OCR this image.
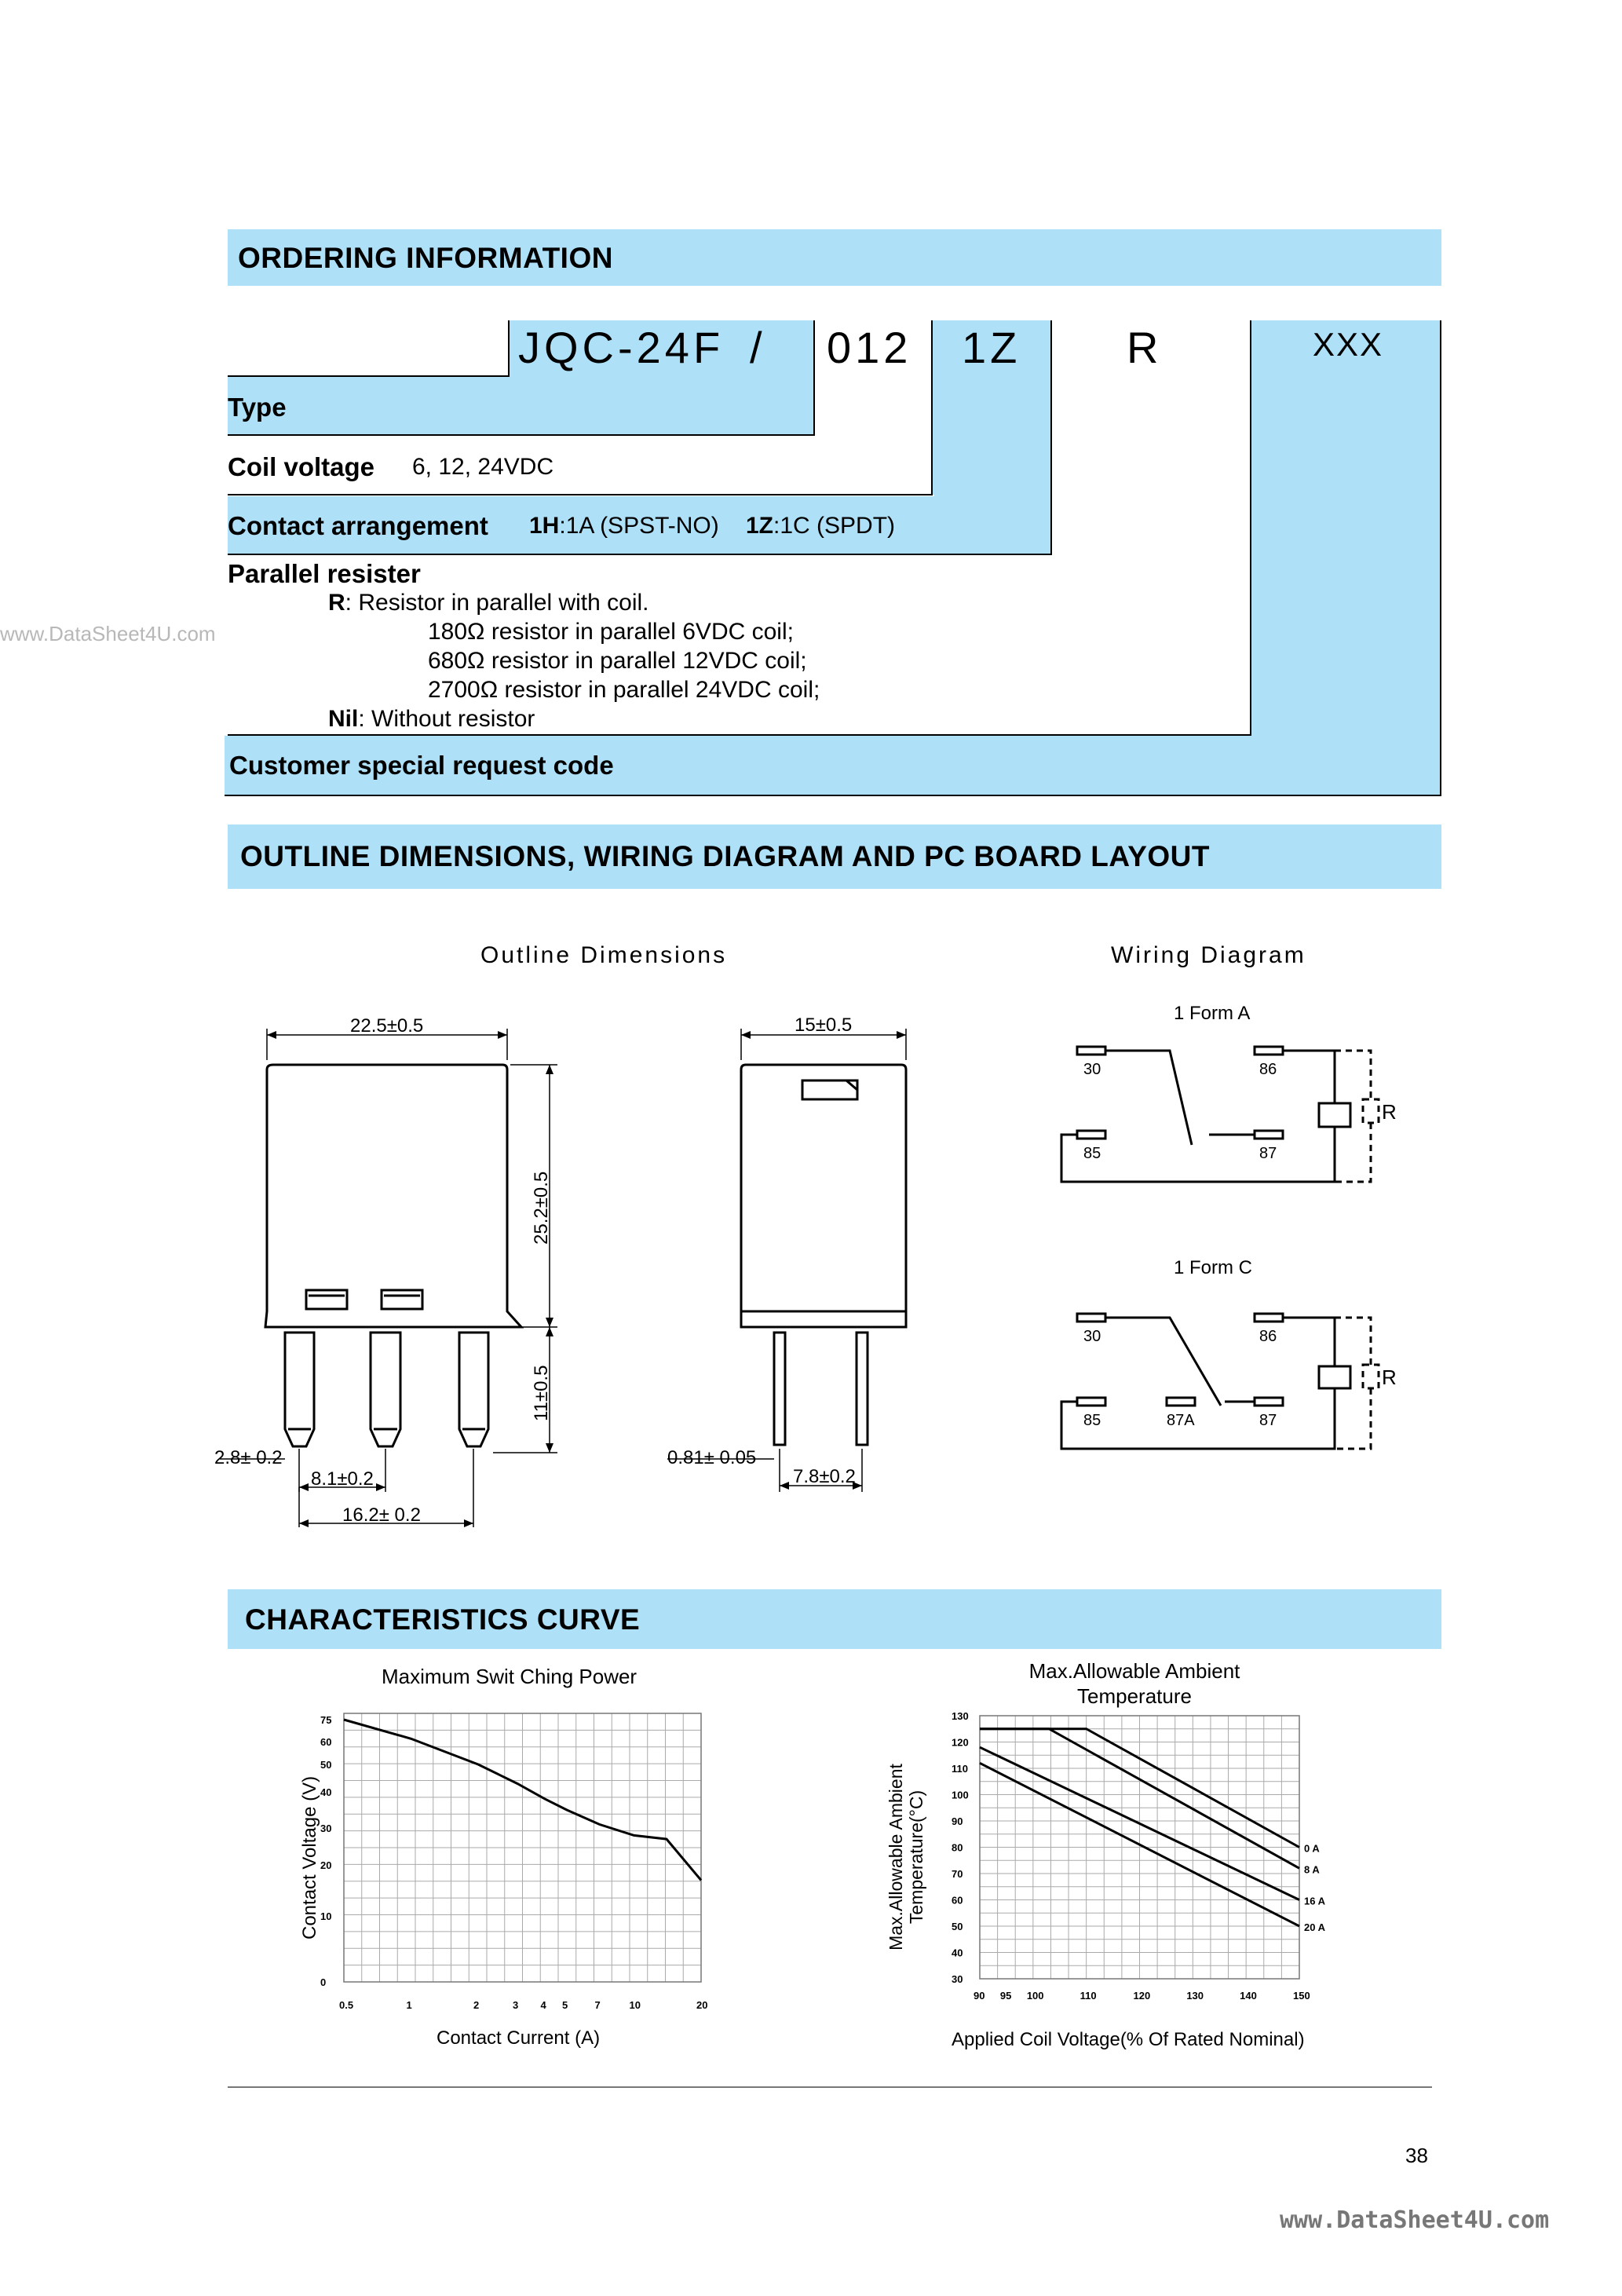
ORDERING INFORMATION
JQC-24F / 012 1Z R	XXX
Type
Coil voltage 6, 12, 24VDC
Contact arrangement 1H:1A (SPST-NO) 1Z:1C (SPDT)
Parallel resister
R: Resistor in parallel with coil.
180Ω resistor in parallel 6VDC coil;
680Ω resistor in parallel 12VDC coil;
2700Ω resistor in parallel 24VDC coil;
Nil: Without resistor
Customer special request code
www.DataSheet4U.com
OUTLINE DIMENSIONS, WIRING DIAGRAM AND PC BOARD LAYOUT
Outline Dimensions	Wiring Diagram
22.5±0.5
25.2±0.5
11±0.5
2.8± 0.2
8.1±0.2
16.2± 0.2
15±0.5
0.81± 0.05
7.8±0.2
1 Form A
30	86
85	87
R
1 Form C
30	86
85	87A	87
R
CHARACTERISTICS CURVE
Maximum Swit Ching Power
Contact Current (A)
Max.Allowable Ambient Temperature
Applied Coil Voltage(% Of Rated Nominal)
Max.Allowable Ambient Temperature(°C)
0.5	1	2	3 4 5	7	10	20
0
10
20
30
40
50
60
75
Contact Voltage (V)
90 95 100	110	120	130	140	150
30
40
50
60
70
80
90
100
110
120
130
0 A
8 A
16 A
20 A
38
www.DataSheet4U.com
